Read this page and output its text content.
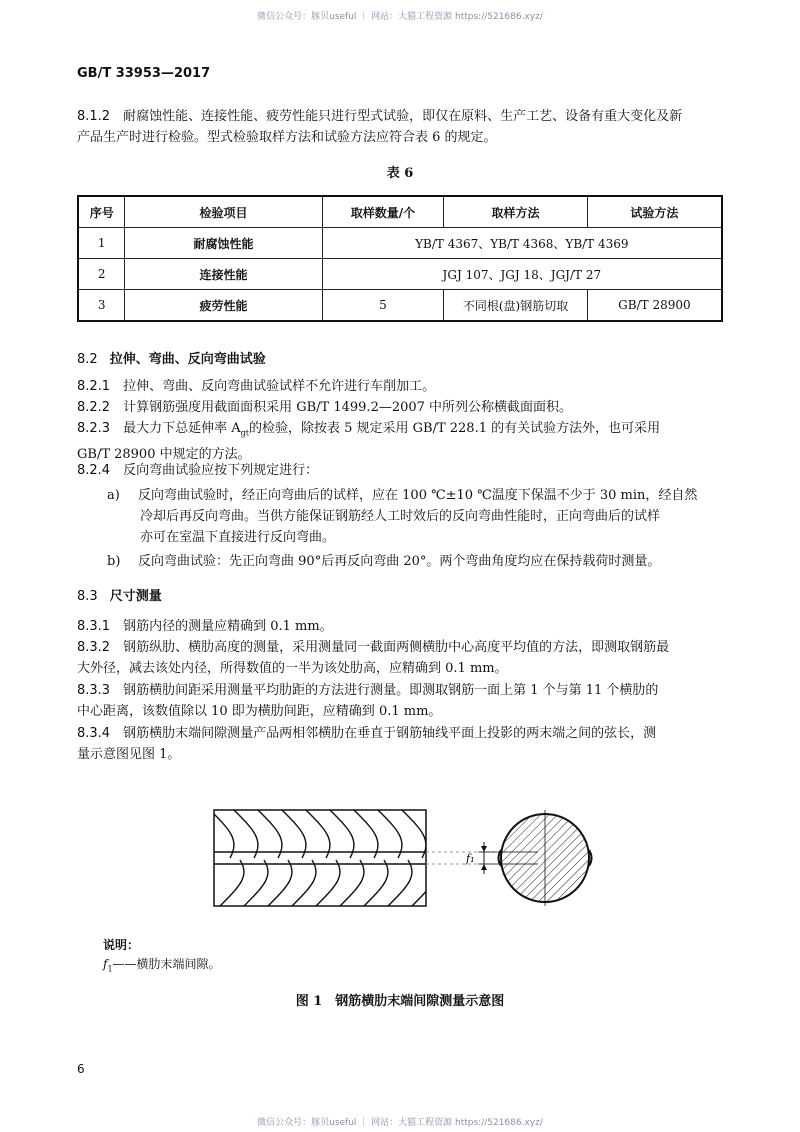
微信公众号：豚贝useful ｜ 网站：大猫工程资源 https://521686.xyz/
GB/T 33953—2017
8.1.2　 耐腐蚀性能、连接性能、疲劳性能只进行型式试验，即仅在原料、生产工艺、设备有重大变化及新
产品生产时进行检验。型式检验取样方法和试验方法应符合表 6 的规定。
表 6
序号	检验项目	取样数量/个	取样方法	试验方法
1	耐腐蚀性能	YB/T 4367、YB/T 4368、YB/T 4369		
2	连接性能	JGJ 107、JGJ 18、JGJ/T 27		
3	疲劳性能	5	不同根(盘)钢筋切取	GB/T 28900
8.2 拉伸、弯曲、反向弯曲试验
8.2.1　 拉伸、弯曲、反向弯曲试验试样不允许进行车削加工。
8.2.2　 计算钢筋强度用截面面积采用 GB/T 1499.2—2007 中所列公称横截面面积。
8.2.3　 最大力下总延伸率 $A_{gt}$的检验，除按表 5 规定采用 GB/T 228.1 的有关试验方法外，也可采用
GB/T 28900 中规定的方法。
8.2.4　 反向弯曲试验应按下列规定进行：
a)　 反向弯曲试验时，经正向弯曲后的试样，应在 100 ℃±10 ℃温度下保温不少于 30 min，经自然
冷却后再反向弯曲。当供方能保证钢筋经人工时效后的反向弯曲性能时，正向弯曲后的试样
亦可在室温下直接进行反向弯曲。
b)　 反向弯曲试验：先正向弯曲 90°后再反向弯曲 20°。两个弯曲角度均应在保持载荷时测量。
8.3 尺寸测量
8.3.1　 钢筋内径的测量应精确到 0.1 mm。
8.3.2　 钢筋纵肋、横肋高度的测量，采用测量同一截面两侧横肋中心高度平均值的方法，即测取钢筋最
大外径，减去该处内径，所得数值的一半为该处肋高，应精确到 0.1 mm。
8.3.3　 钢筋横肋间距采用测量平均肋距的方法进行测量。即测取钢筋一面上第 1 个与第 11 个横肋的
中心距离，该数值除以 10 即为横肋间距，应精确到 0.1 mm。
8.3.4　 钢筋横肋末端间隙测量产品两相邻横肋在垂直于钢筋轴线平面上投影的两末端之间的弦长，测
量示意图见图 1。
f₁
说明：
$f_1——$横肋末端间隙。
图 1　钢筋横肋末端间隙测量示意图
6
微信公众号：豚贝useful ｜ 网站：大猫工程资源 https://521686.xyz/
